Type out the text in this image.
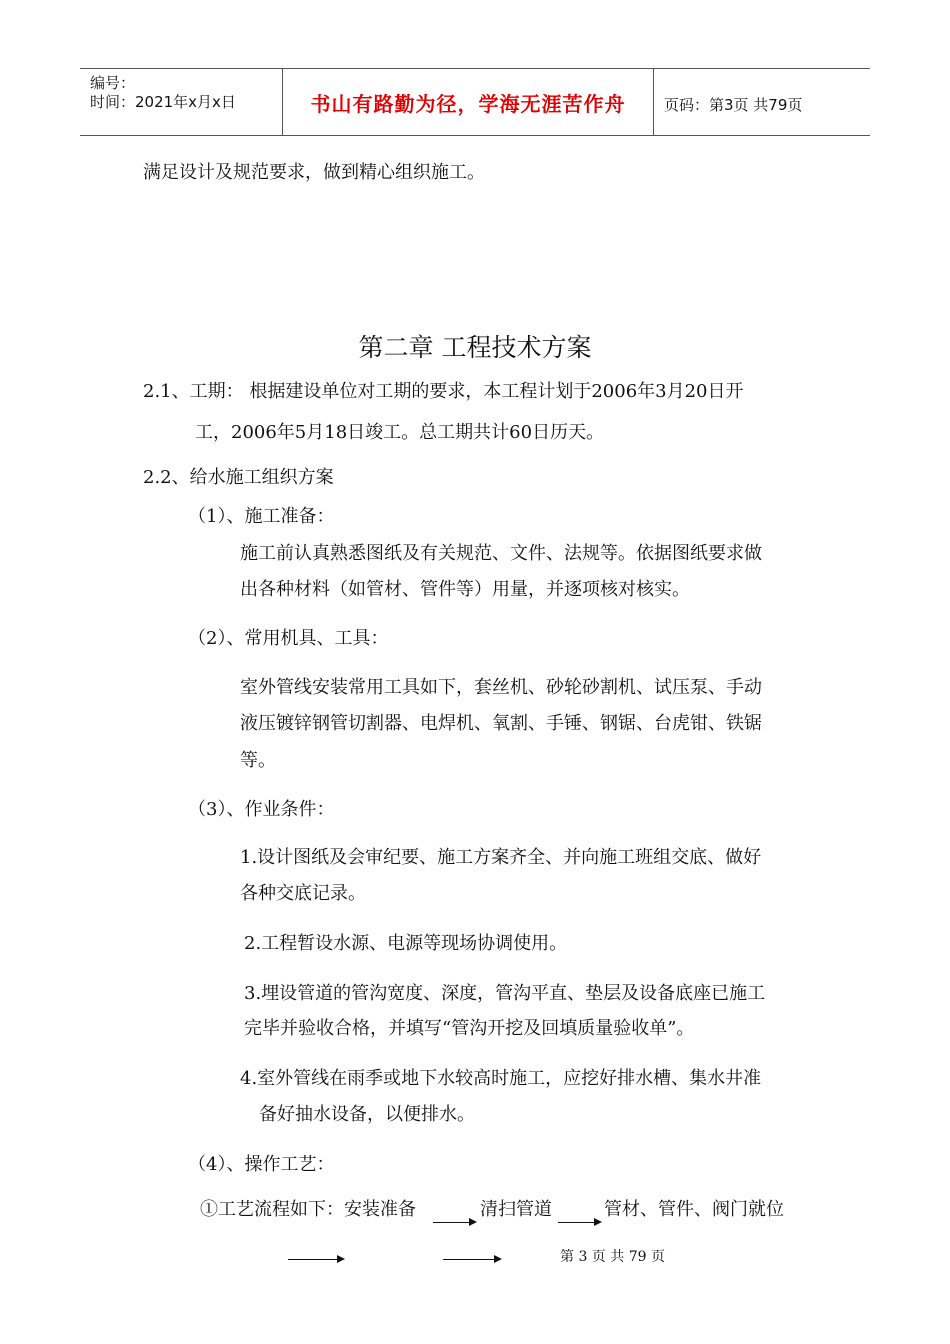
编号：
时间：2021年x月x日	书山有路勤为径，学海无涯苦作舟	页码：第3页 共79页
满足设计及规范要求，做到精心组织施工。
第二章 工程技术方案
2.1、工期： 根据建设单位对工期的要求，本工程计划于2006年3月20日开
工，2006年5月18日竣工。总工期共计60日历天。
2.2、给水施工组织方案
（1）、施工准备：
施工前认真熟悉图纸及有关规范、文件、法规等。依据图纸要求做
出各种材料（如管材、管件等）用量，并逐项核对核实。
（2）、常用机具、工具：
室外管线安装常用工具如下，套丝机、砂轮砂割机、试压泵、手动
液压镀锌钢管切割器、电焊机、氧割、手锤、钢锯、台虎钳、铁锯
等。
（3）、作业条件：
1.设计图纸及会审纪要、施工方案齐全、并向施工班组交底、做好
各种交底记录。
2.工程暂设水源、电源等现场协调使用。
3.埋设管道的管沟宽度、深度，管沟平直、垫层及设备底座已施工
完毕并验收合格，并填写“管沟开挖及回填质量验收单”。
4.室外管线在雨季或地下水较高时施工，应挖好排水槽、集水井准
备好抽水设备，以便排水。
（4）、操作工艺：
①工艺流程如下：安装准备	清扫管道	管材、管件、阀门就位
第 3 页 共 79 页
